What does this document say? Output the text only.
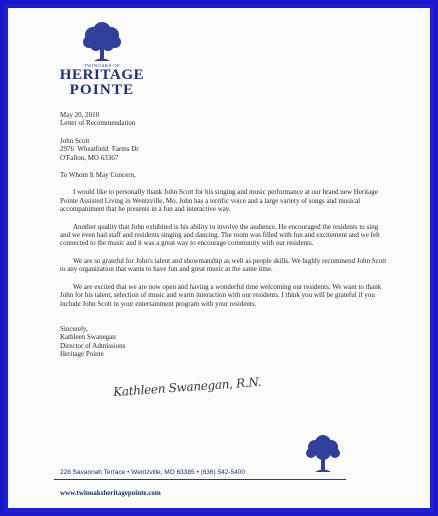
TWINOAKS OF
HERITAGE
POINTE

May 20, 2010

Letter of Recommendation

John Scott

2976  Wheatfield  Farms Dr

O'Fallon, MO 63367

To Whom It May Concern,

I would like to personally thank John Scott for his singing and music performance at our brand new Heritage Pointe Assisted Living in Wentzville, Mo. John has a terrific voice and a large variety of songs and musical accompaniment that he presents in a fun and interactive way.

Another quality that John exhibited is his ability to involve the audience. He encouraged the residents to sing and we even had staff and residents singing and dancing. The room was filled with fun and excitement and we felt connected to the music and it was a great way to encourage community with our residents.

We are so grateful for John's talent and showmanship as well as people skills. We highly recommend John Scott to any organization that wants to have fun and great music at the same time.

We are excited that we are now open and having a wonderful time welcoming our residents. We want to thank John for his talent, selection of music and warm interaction with our residents. I think you will be grateful if you include John Scott in your entertainment program with your residents.

Sincerely,

Kathleen Swanegan

Director of Admissions

Heritage Pointe

Kathleen Swanegan, R.N.
228 Savannah Terrace • Wentzville, MO 63385 • (636) 542-5400
www.twinoaksheritagepointe.com
